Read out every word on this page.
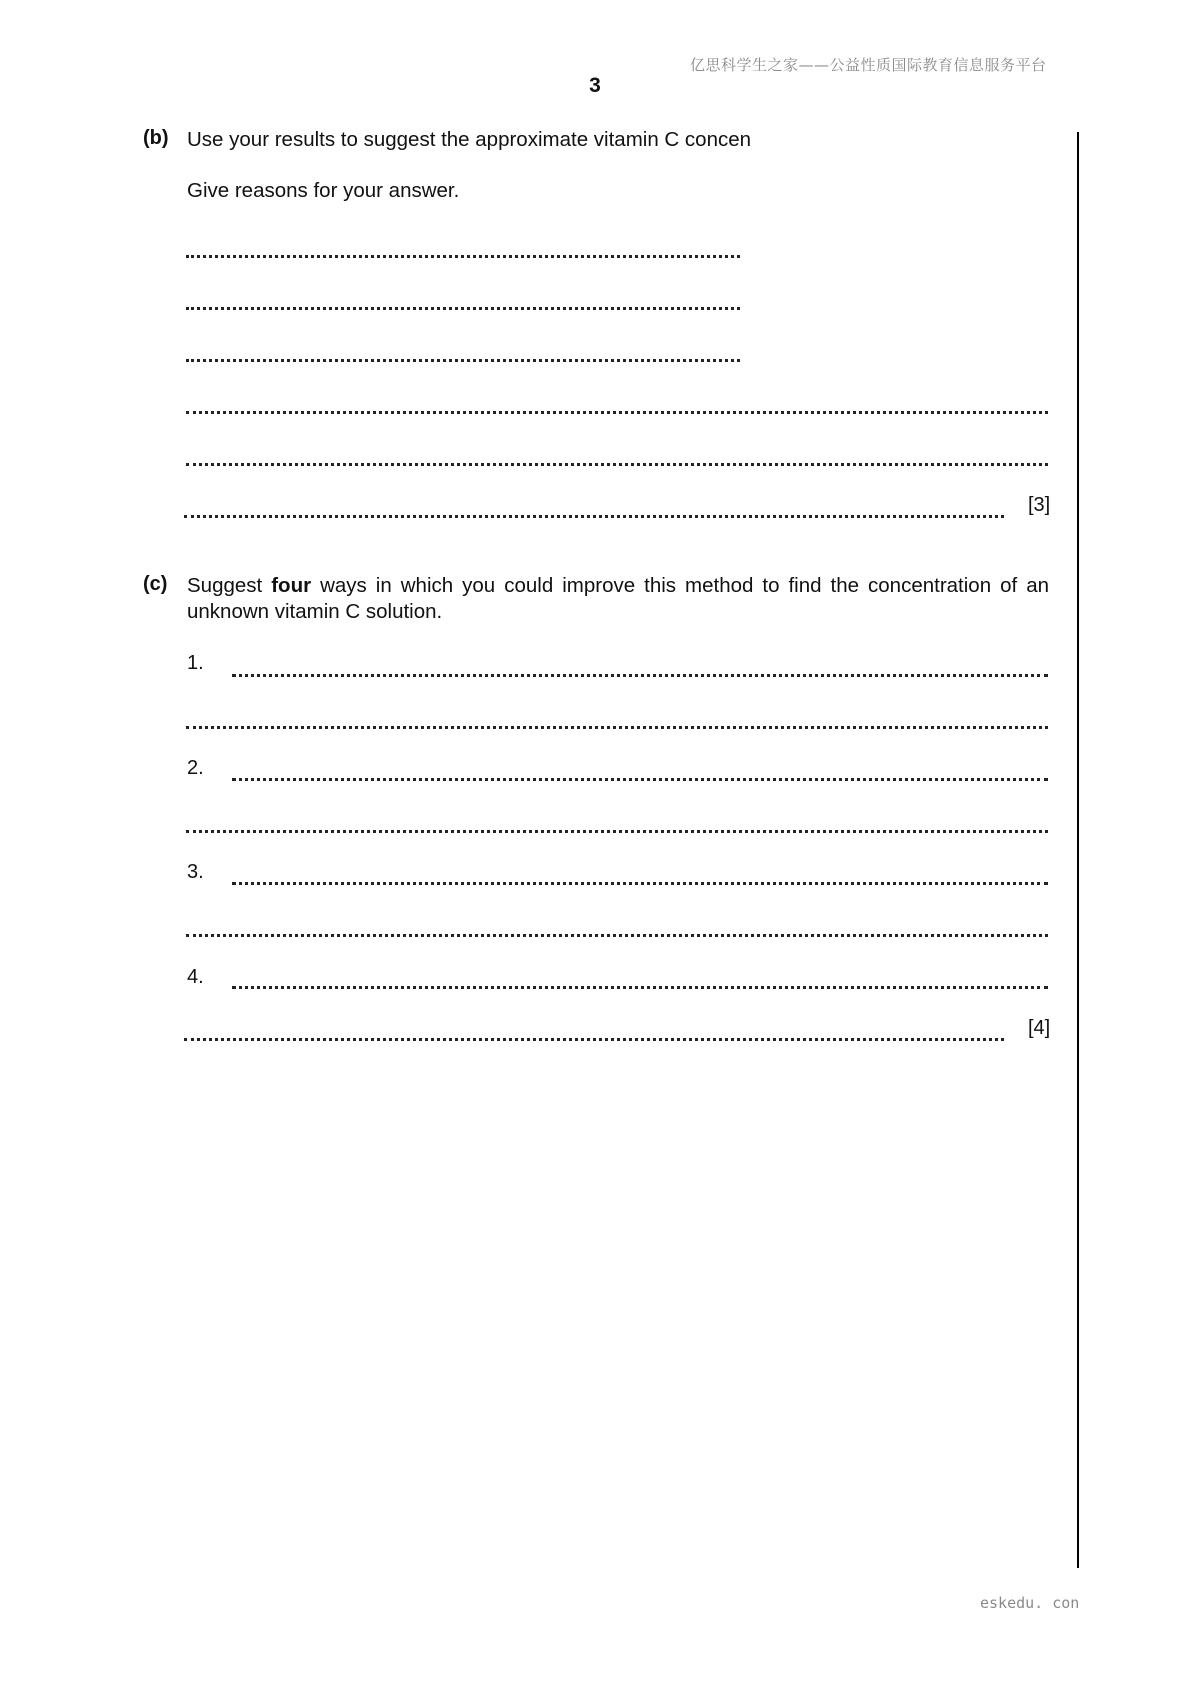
亿思科学生之家——公益性质国际教育信息服务平台
3
(b) Use your results to suggest the approximate vitamin C concen
Give reasons for your answer.
[3]
(c) Suggest four ways in which you could improve this method to find the concentration of an unknown vitamin C solution.
1.
2.
3.
4.
[4]
eskedu. con
